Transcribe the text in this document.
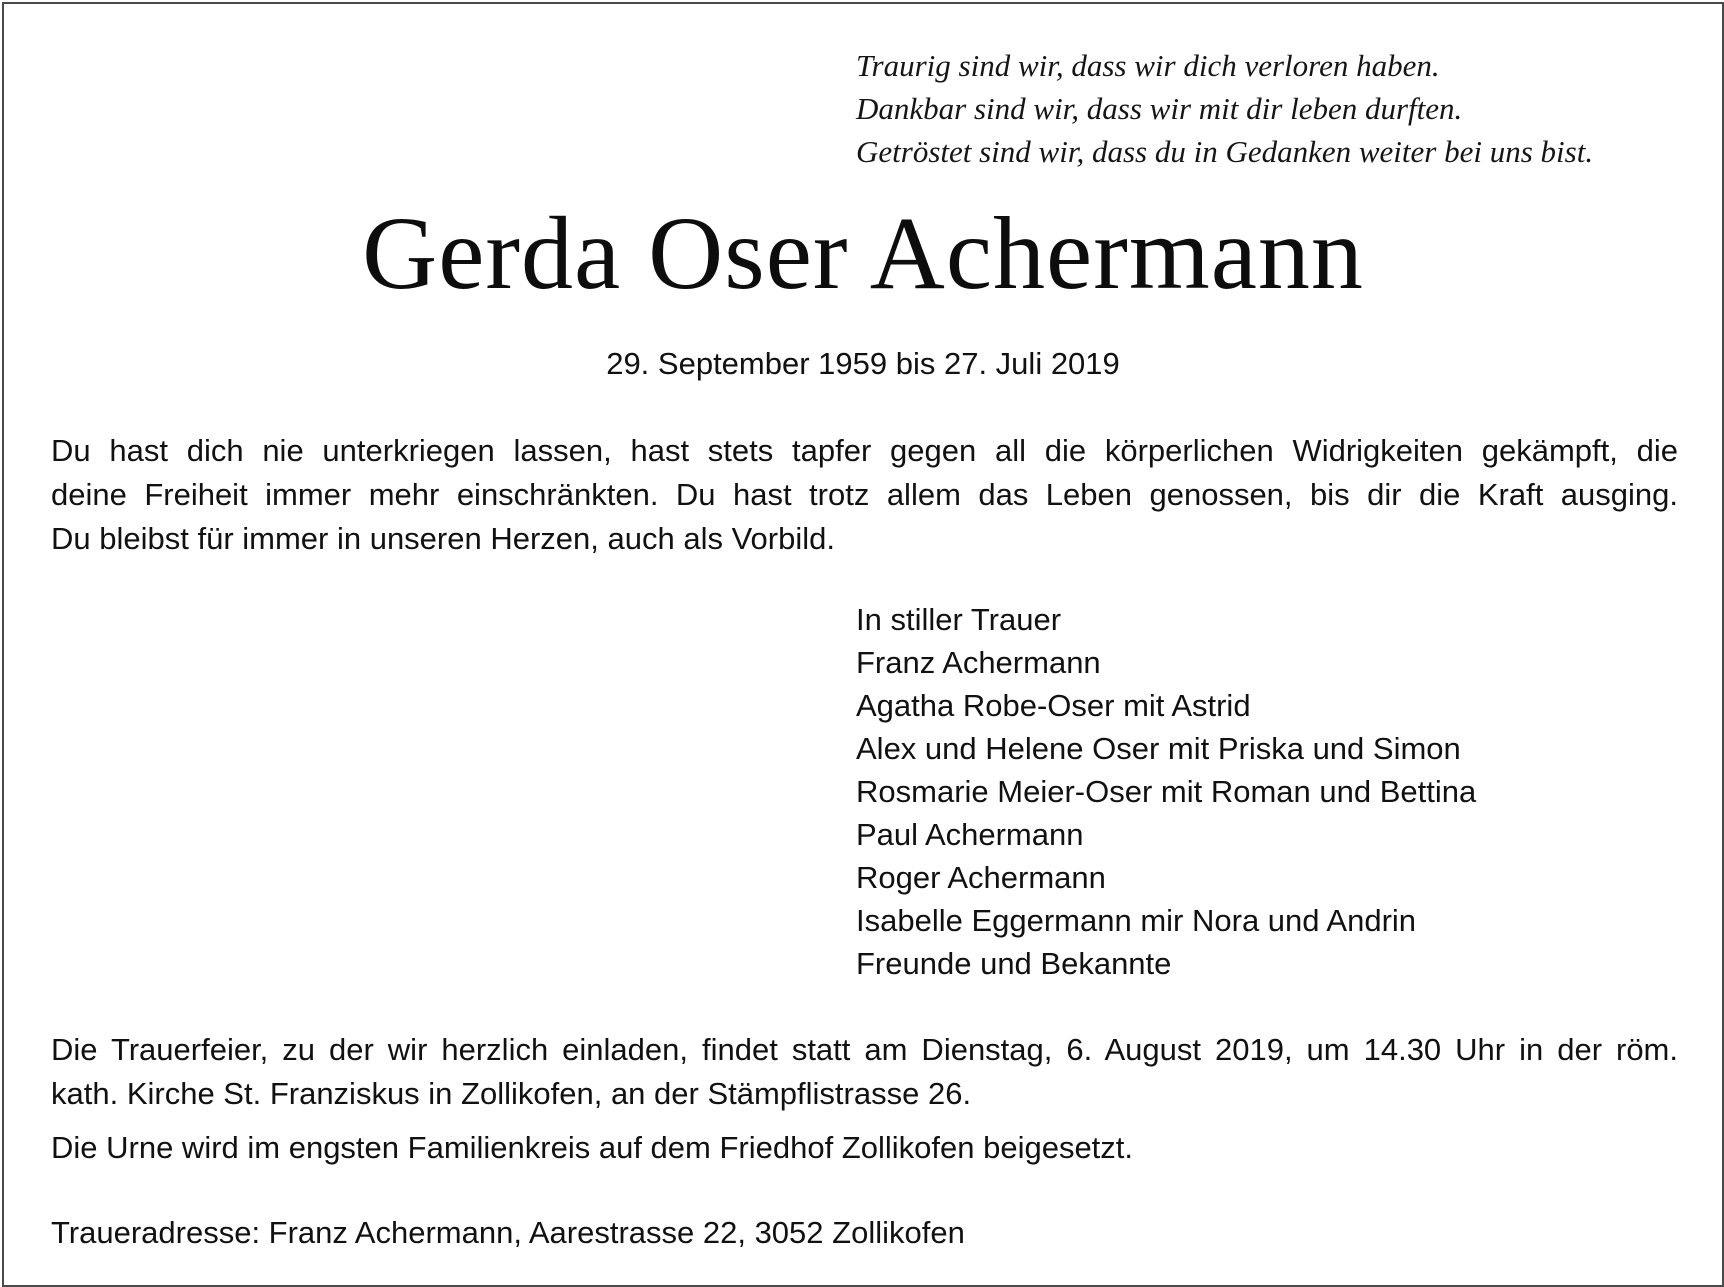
Traurig sind wir, dass wir dich verloren haben.
Dankbar sind wir, dass wir mit dir leben durften.
Getröstet sind wir, dass du in Gedanken weiter bei uns bist.
Gerda Oser Achermann
29. September 1959 bis 27. Juli 2019
Du hast dich nie unterkriegen lassen, hast stets tapfer gegen all die körperlichen Widrigkeiten gekämpft, die
deine Freiheit immer mehr einschränkten. Du hast trotz allem das Leben genossen, bis dir die Kraft ausging.
Du bleibst für immer in unseren Herzen, auch als Vorbild.
In stiller Trauer
Franz Achermann
Agatha Robe-Oser mit Astrid
Alex und Helene Oser mit Priska und Simon
Rosmarie Meier-Oser mit Roman und Bettina
Paul Achermann
Roger Achermann
Isabelle Eggermann mir Nora und Andrin
Freunde und Bekannte
Die Trauerfeier, zu der wir herzlich einladen, findet statt am Dienstag, 6. August 2019, um 14.30 Uhr in der röm.
kath. Kirche St. Franziskus in Zollikofen, an der Stämpflistrasse 26.
Die Urne wird im engsten Familienkreis auf dem Friedhof Zollikofen beigesetzt.
Traueradresse: Franz Achermann, Aarestrasse 22, 3052 Zollikofen
